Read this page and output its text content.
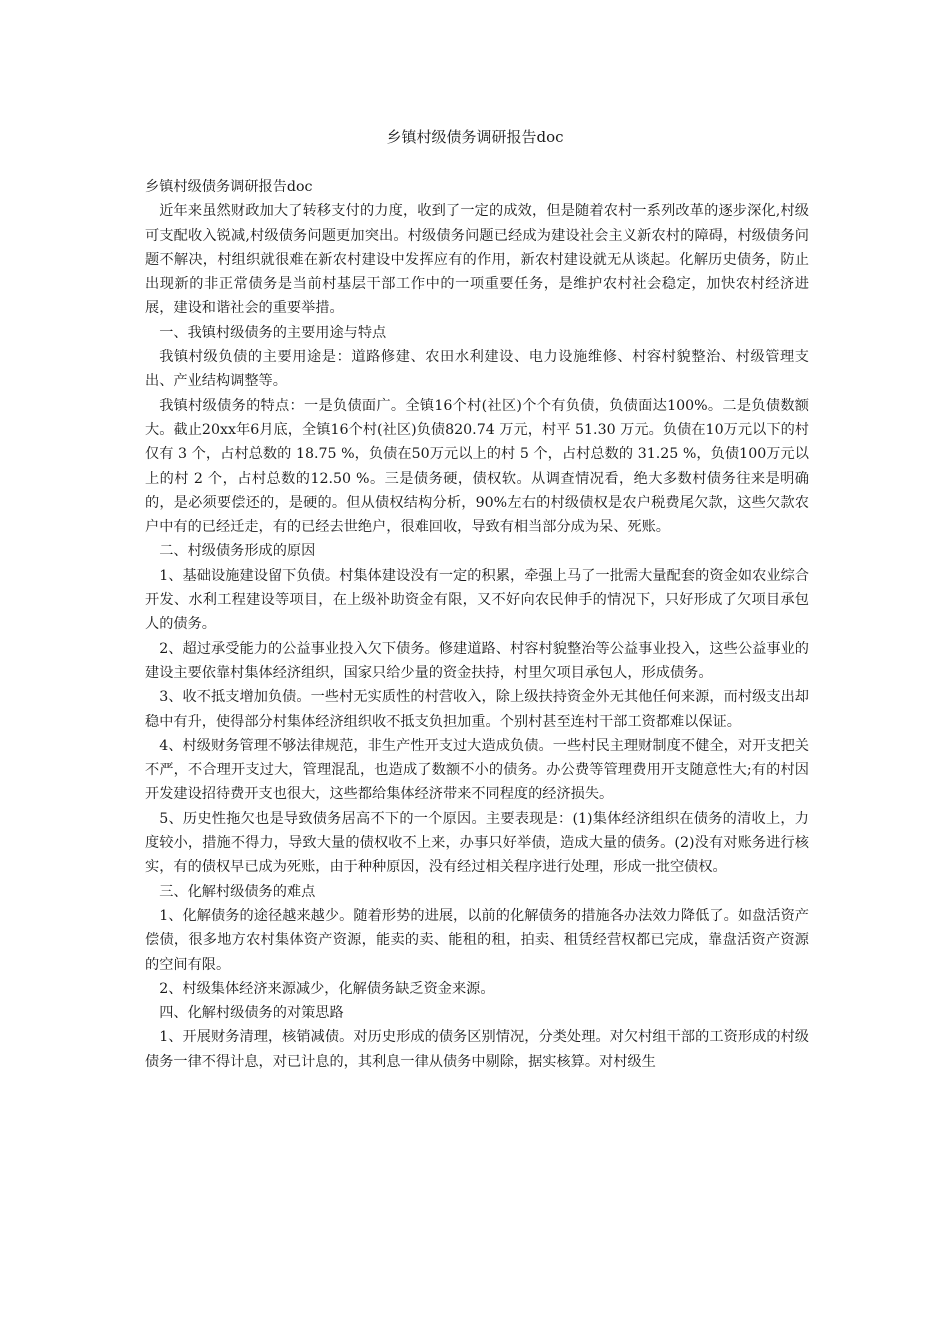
乡镇村级债务调研报告doc

乡镇村级债务调研报告doc

近年来虽然财政加大了转移支付的力度，收到了一定的成效，但是随着农村一系列改革的逐步深化,村级可支配收入锐减,村级债务问题更加突出。村级债务问题已经成为建设社会主义新农村的障碍，村级债务问题不解决，村组织就很难在新农村建设中发挥应有的作用，新农村建设就无从谈起。化解历史债务，防止出现新的非正常债务是当前村基层干部工作中的一项重要任务，是维护农村社会稳定，加快农村经济进展，建设和谐社会的重要举措。

一、我镇村级债务的主要用途与特点

我镇村级负债的主要用途是：道路修建、农田水利建设、电力设施维修、村容村貌整治、村级管理支出、产业结构调整等。

我镇村级债务的特点：一是负债面广。全镇16个村(社区)个个有负债，负债面达100%。二是负债数额大。截止20xx年6月底，全镇16个村(社区)负债820.74 万元，村平 51.30 万元。负债在10万元以下的村仅有 3 个，占村总数的 18.75 %，负债在50万元以上的村 5 个，占村总数的 31.25 %，负债100万元以上的村 2 个，占村总数的12.50 %。三是债务硬，债权软。从调查情况看，绝大多数村债务往来是明确的，是必须要偿还的，是硬的。但从债权结构分析，90%左右的村级债权是农户税费尾欠款，这些欠款农户中有的已经迁走，有的已经去世绝户，很难回收，导致有相当部分成为呆、死账。

二、村级债务形成的原因

1、基础设施建设留下负债。村集体建设没有一定的积累，牵强上马了一批需大量配套的资金如农业综合开发、水利工程建设等项目，在上级补助资金有限，又不好向农民伸手的情况下，只好形成了欠项目承包人的债务。

2、超过承受能力的公益事业投入欠下债务。修建道路、村容村貌整治等公益事业投入，这些公益事业的建设主要依靠村集体经济组织，国家只给少量的资金扶持，村里欠项目承包人，形成债务。

3、收不抵支增加负债。一些村无实质性的村营收入，除上级扶持资金外无其他任何来源，而村级支出却稳中有升，使得部分村集体经济组织收不抵支负担加重。个别村甚至连村干部工资都难以保证。

4、村级财务管理不够法律规范，非生产性开支过大造成负债。一些村民主理财制度不健全，对开支把关不严，不合理开支过大，管理混乱，也造成了数额不小的债务。办公费等管理费用开支随意性大;有的村因开发建设招待费开支也很大，这些都给集体经济带来不同程度的经济损失。

5、历史性拖欠也是导致债务居高不下的一个原因。主要表现是：(1)集体经济组织在债务的清收上，力度较小，措施不得力，导致大量的债权收不上来，办事只好举债，造成大量的债务。(2)没有对账务进行核实，有的债权早已成为死账，由于种种原因，没有经过相关程序进行处理，形成一批空债权。

三、化解村级债务的难点

1、化解债务的途径越来越少。随着形势的进展，以前的化解债务的措施各办法效力降低了。如盘活资产偿债，很多地方农村集体资产资源，能卖的卖、能租的租，拍卖、租赁经营权都已完成，靠盘活资产资源的空间有限。

2、村级集体经济来源减少，化解债务缺乏资金来源。

四、化解村级债务的对策思路

1、开展财务清理，核销减债。对历史形成的债务区别情况，分类处理。对欠村组干部的工资形成的村级债务一律不得计息，对已计息的，其利息一律从债务中剔除，据实核算。对村级生
